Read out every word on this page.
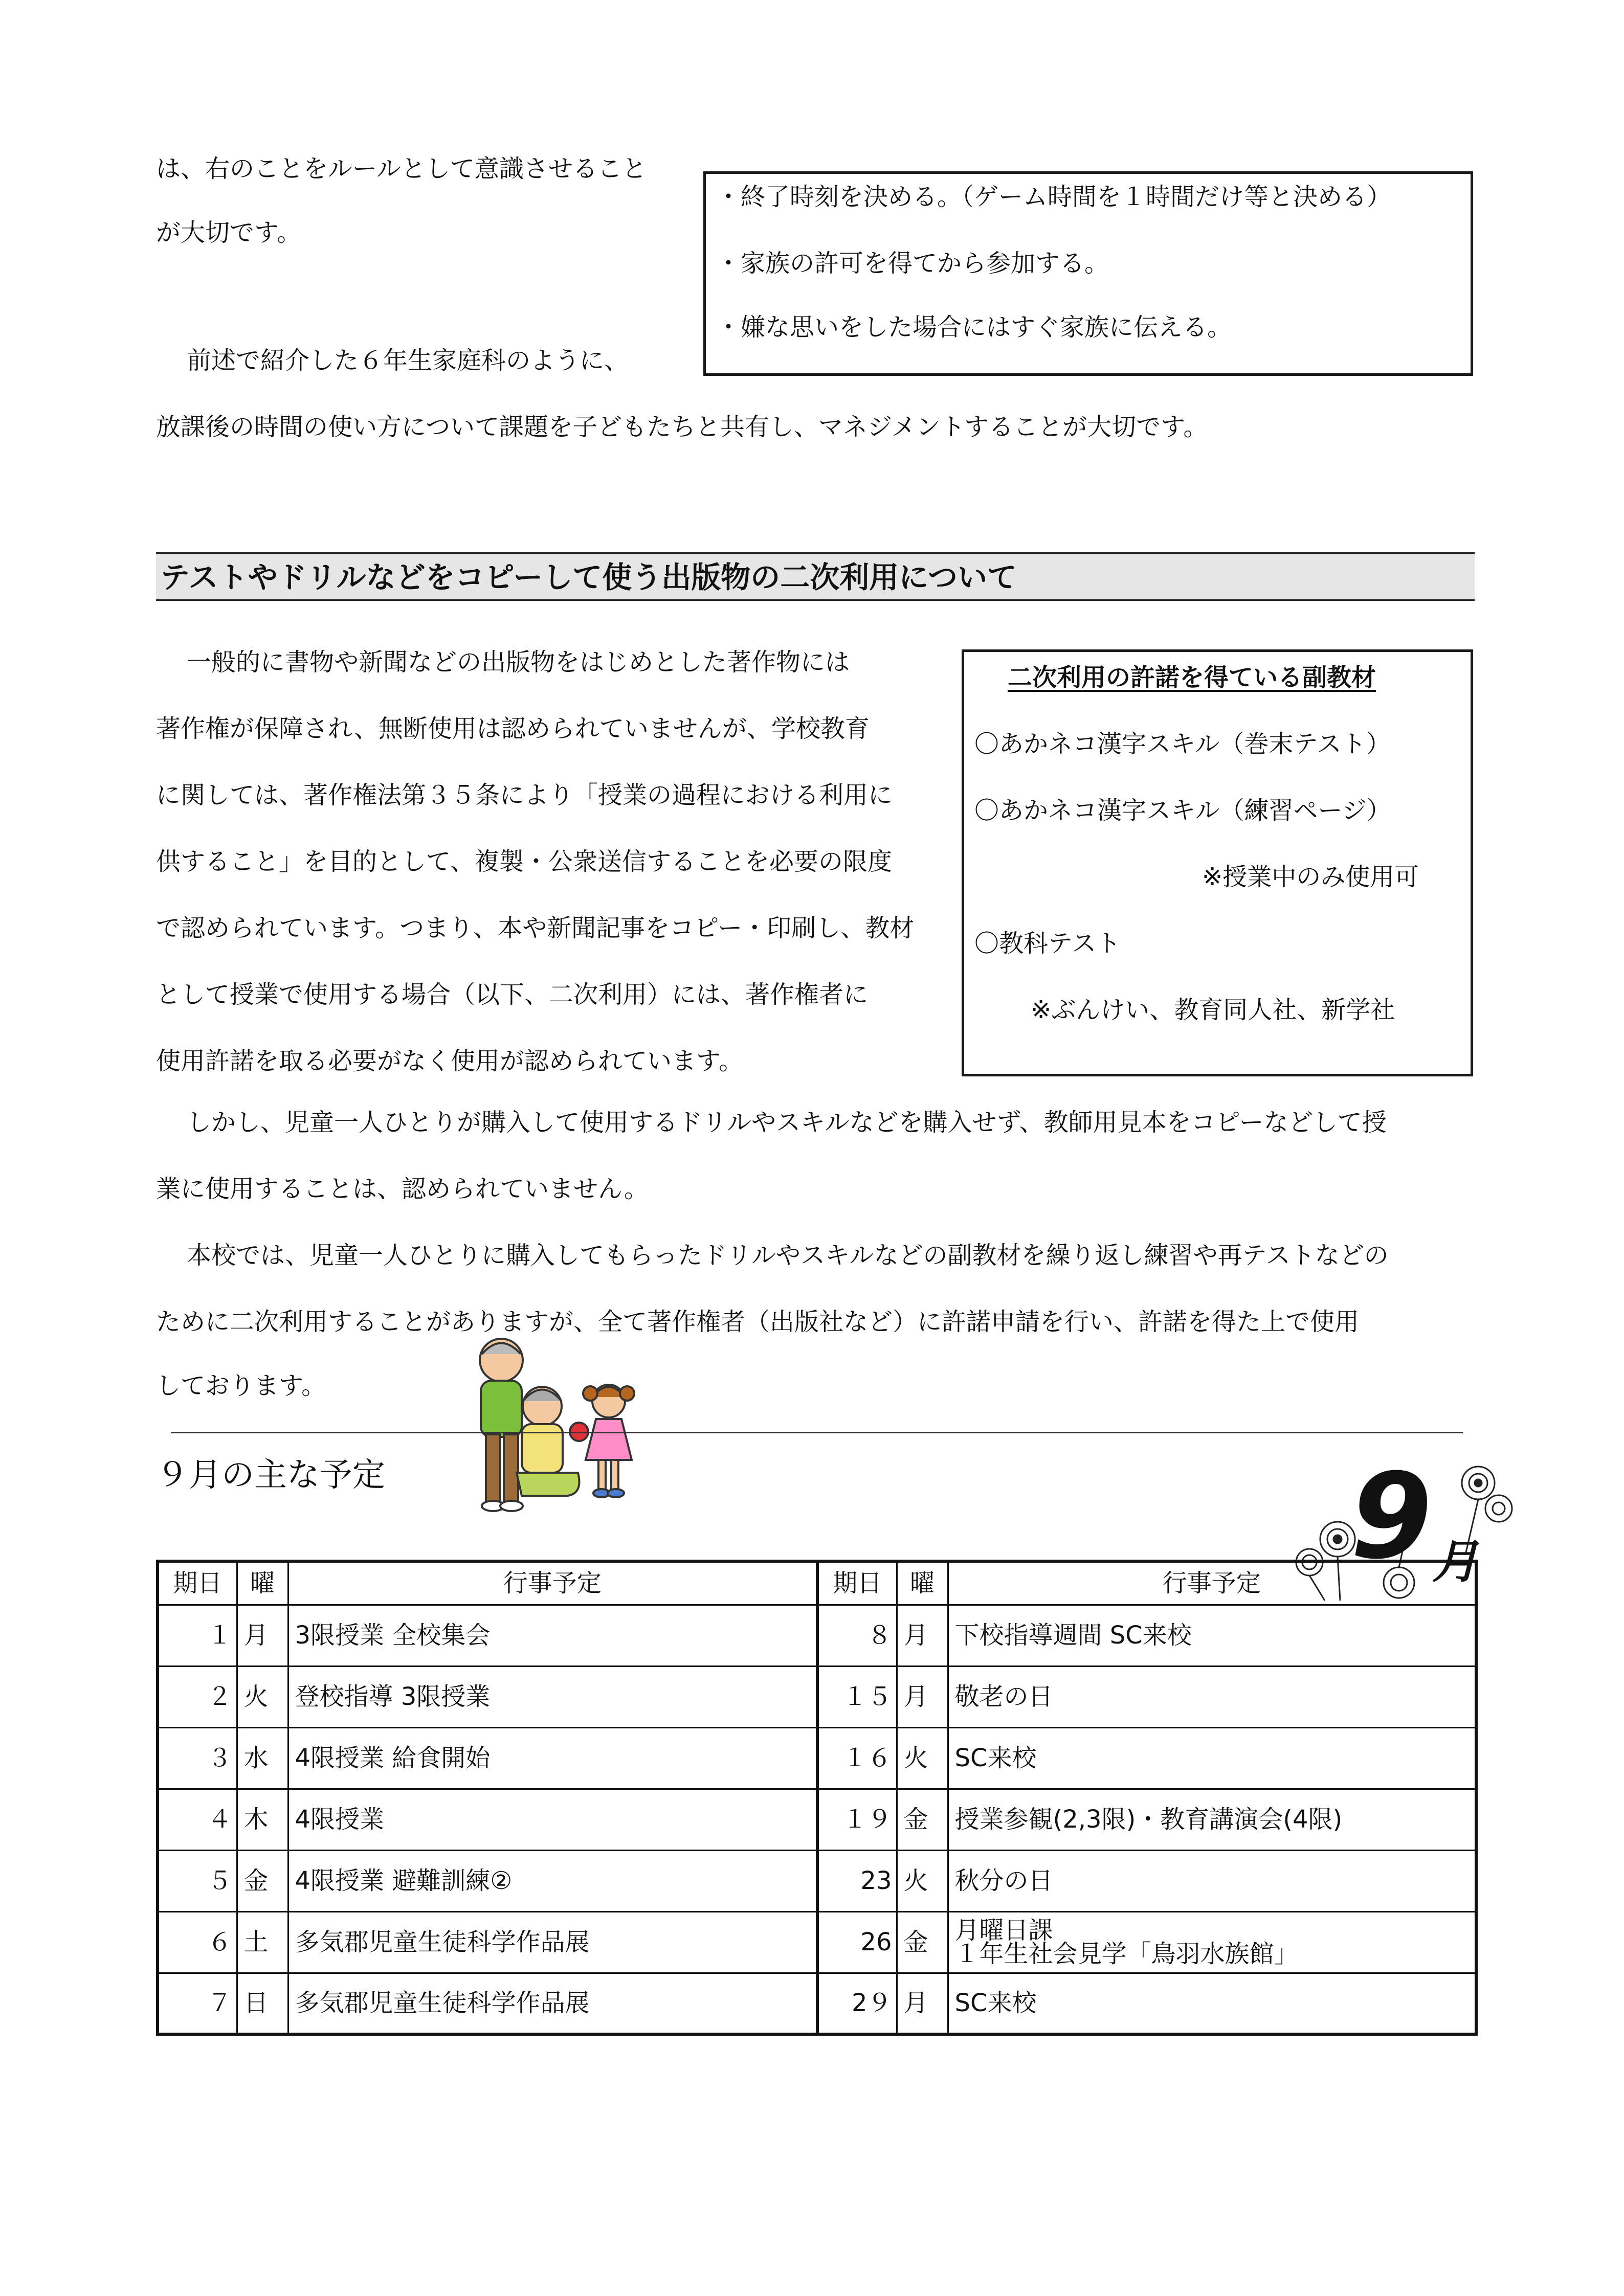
は、右のことをルールとして意識させること

が大切です。

前述で紹介した６年生家庭科のように、

放課後の時間の使い方について課題を子どもたちと共有し、マネジメントすることが大切です。

・終了時刻を決める。（ゲーム時間を１時間だけ等と決める）
・家族の許可を得てから参加する。
・嫌な思いをした場合にはすぐ家族に伝える。
テストやドリルなどをコピーして使う出版物の二次利用について

一般的に書物や新聞などの出版物をはじめとした著作物には

著作権が保障され、無断使用は認められていませんが、学校教育

に関しては、著作権法第３５条により「授業の過程における利用に

供すること」を目的として、複製・公衆送信することを必要の限度

で認められています。つまり、本や新聞記事をコピー・印刷し、教材

として授業で使用する場合（以下、二次利用）には、著作権者に

使用許諾を取る必要がなく使用が認められています。

二次利用の許諾を得ている副教材
〇あかネコ漢字スキル（巻末テスト）
〇あかネコ漢字スキル（練習ページ）
※授業中のみ使用可
〇教科テスト
※ぶんけい、教育同人社、新学社

しかし、児童一人ひとりが購入して使用するドリルやスキルなどを購入せず、教師用見本をコピーなどして授

業に使用することは、認められていません。

本校では、児童一人ひとりに購入してもらったドリルやスキルなどの副教材を繰り返し練習や再テストなどの

ために二次利用することがありますが、全て著作権者（出版社など）に許諾申請を行い、許諾を得た上で使用

しております。

９月の主な予定	9 月
期日	曜	行事予定	期日	曜	行事予定
１	月	3限授業 全校集会	８	月	下校指導週間 SC来校
２	火	登校指導 3限授業	１５	月	敬老の日
３	水	4限授業 給食開始	１６	火	SC来校
４	木	4限授業	１９	金	授業参観(2,3限)・教育講演会(4限)
５	金	4限授業 避難訓練②	23	火	秋分の日
６	土	多気郡児童生徒科学作品展	26	金	月曜日課
１年生社会見学「鳥羽水族館」
７	日	多気郡児童生徒科学作品展	2９	月	SC来校
